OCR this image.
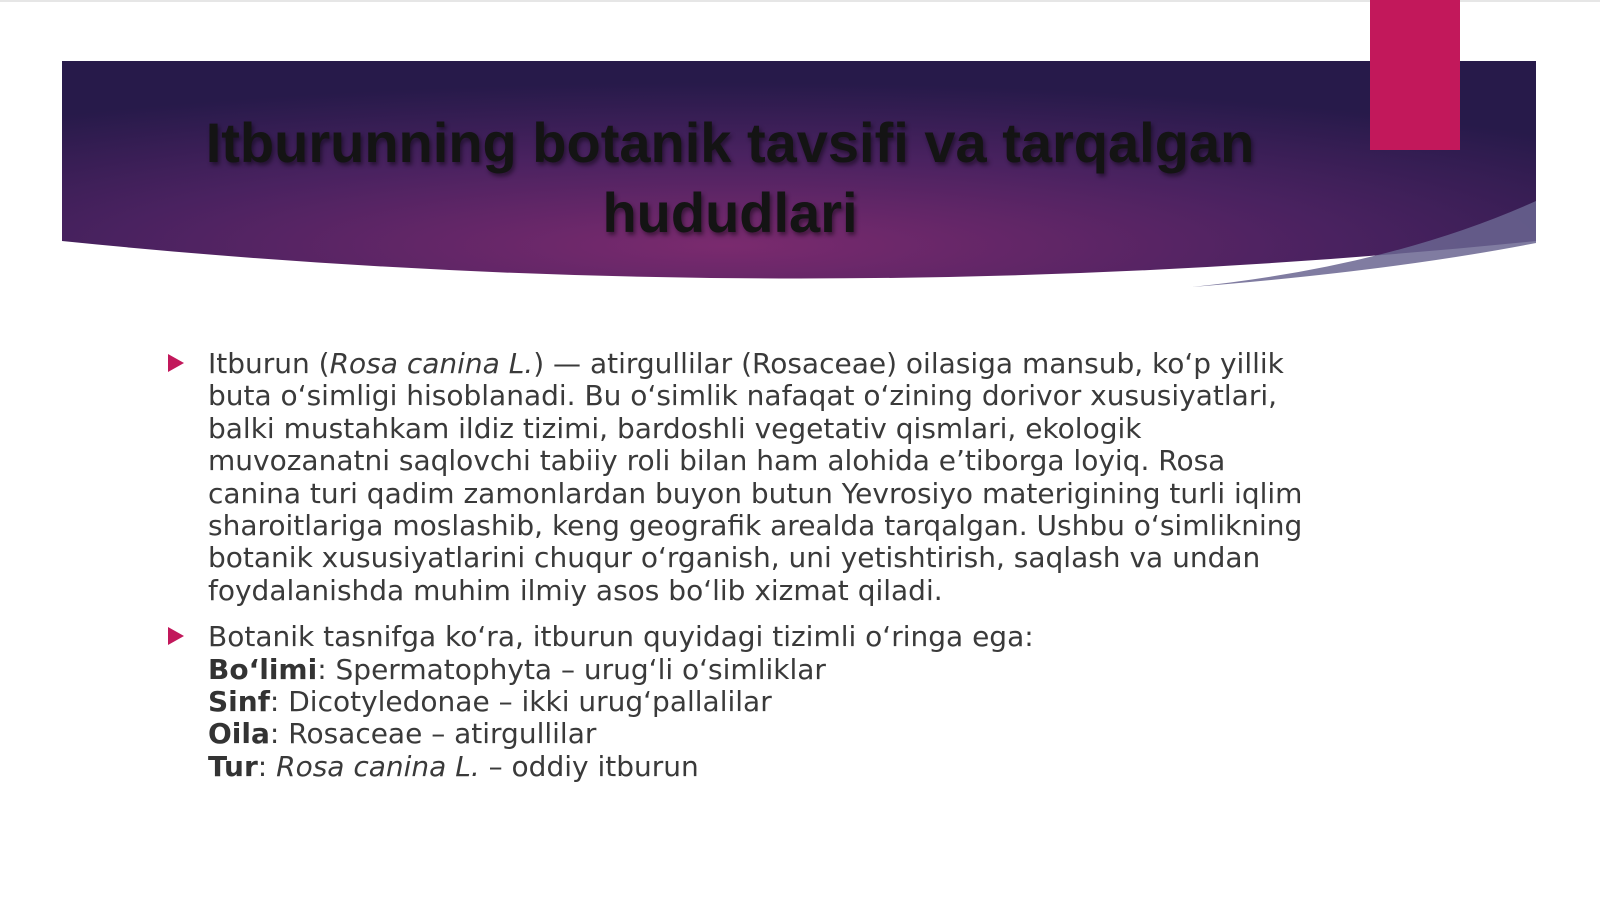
Itburunning botanik tavsifi va tarqalgan
hududlari

Itburun (Rosa canina L.) — atirgullilar (Rosaceae) oilasiga mansub, ko‘p yillik buta o‘simligi hisoblanadi. Bu o‘simlik nafaqat o‘zining dorivor xususiyatlari, balki mustahkam ildiz tizimi, bardoshli vegetativ qismlari, ekologik muvozanatni saqlovchi tabiiy roli bilan ham alohida e’tiborga loyiq. Rosa canina turi qadim zamonlardan buyon butun Yevrosiyo materigining turli iqlim sharoitlariga moslashib, keng geografik arealda tarqalgan. Ushbu o‘simlikning botanik xususiyatlarini chuqur o‘rganish, uni yetishtirish, saqlash va undan foydalanishda muhim ilmiy asos bo‘lib xizmat qiladi.

Botanik tasnifga ko‘ra, itburun quyidagi tizimli o‘ringa ega:
Bo‘limi: Spermatophyta – urug‘li o‘simliklar
Sinf: Dicotyledonae – ikki urug‘pallalilar
Oila: Rosaceae – atirgullilar
Tur: Rosa canina L. – oddiy itburun
